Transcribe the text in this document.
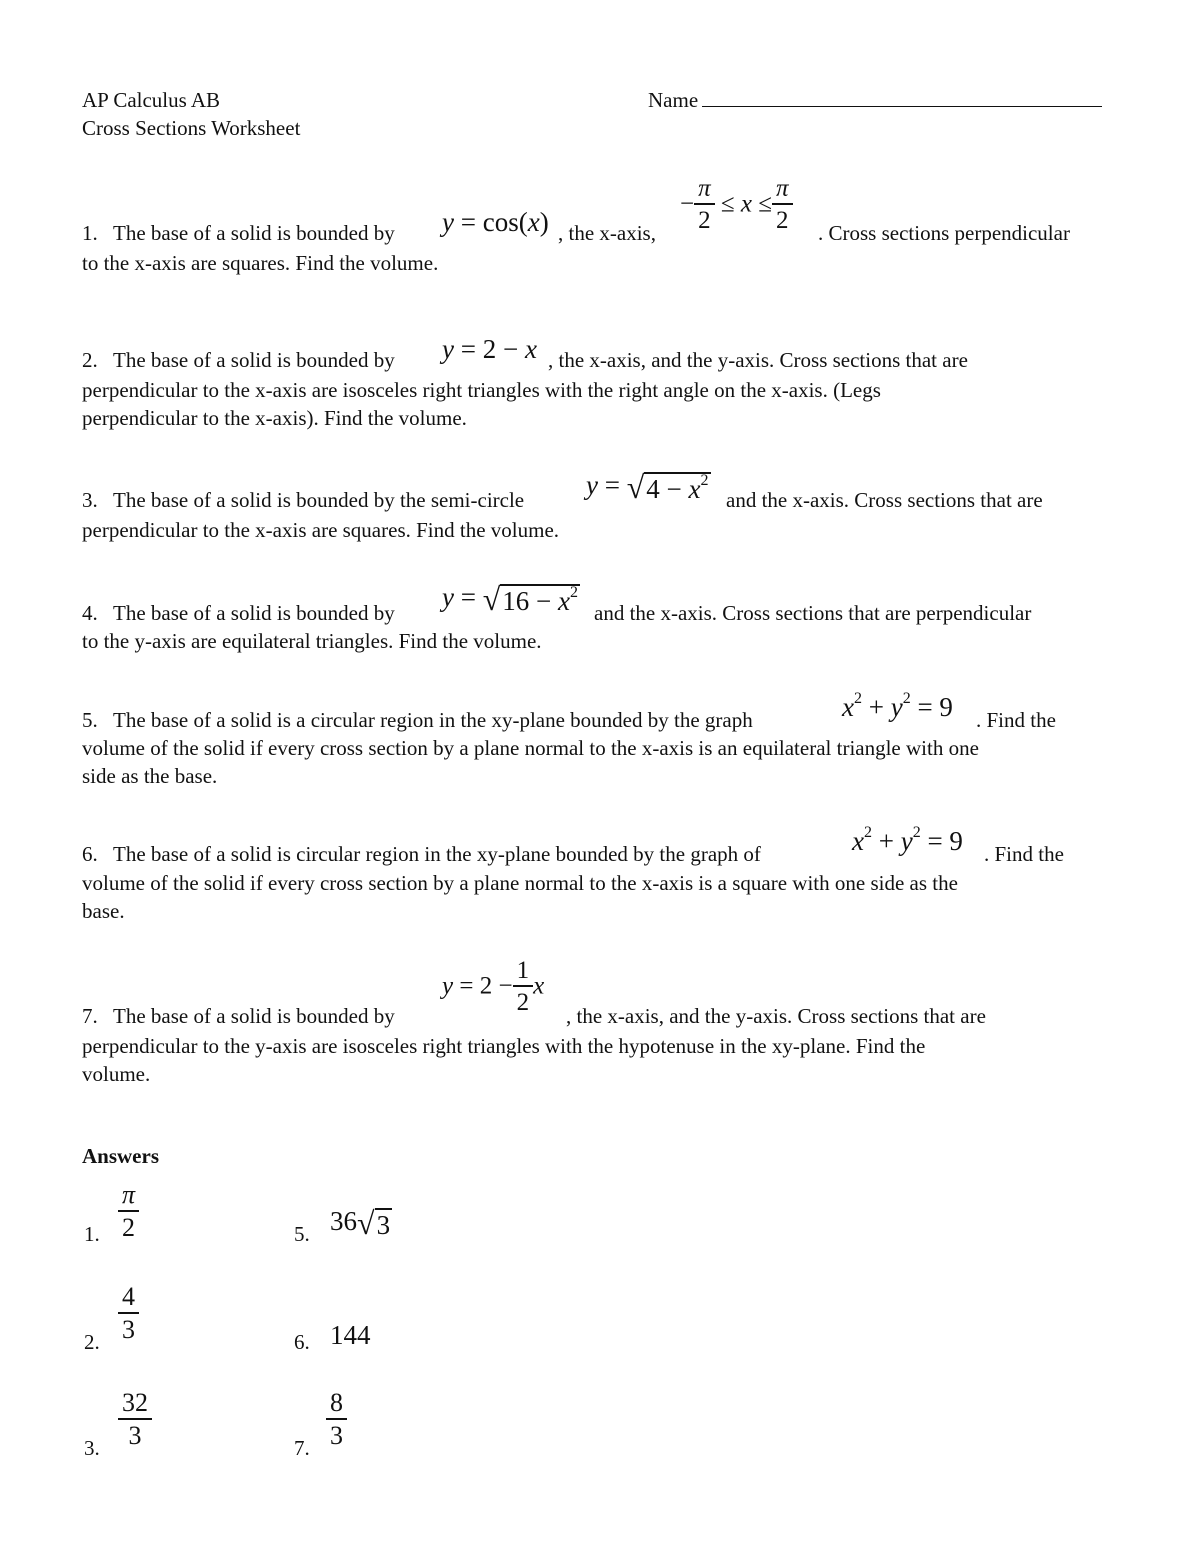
AP Calculus AB
Cross Sections Worksheet
Name
1. The base of a solid is bounded by y = cos(x) , the x-axis,
− $\frac{\pi}{2} \le x \le \frac{\pi}{2}$ . Cross sections perpendicular
to the x-axis are squares. Find the volume.
2. The base of a solid is bounded by y = 2 − x , the x-axis, and the y-axis. Cross sections that are
perpendicular to the x-axis are isosceles right triangles with the right angle on the x-axis. (Legs
perpendicular to the x-axis). Find the volume.
3. The base of a solid is bounded by the semi-circle y = √ $4 - x^2$
and the x-axis. Cross sections that are
perpendicular to the x-axis are squares. Find the volume.
4. The base of a solid is bounded by
y = √ $16 - x^2$
and the x-axis. Cross sections that are perpendicular
to the y-axis are equilateral triangles. Find the volume.
5. The base of a solid is a circular region in the xy-plane bounded by the graph	$x^2 + y^2 = 9$ . Find the
volume of the solid if every cross section by a plane normal to the x-axis is an equilateral triangle with one
side as the base.
6. The base of a solid is circular region in the xy-plane bounded by the graph of	$x^2 + y^2 = 9$ . Find the
volume of the solid if every cross section by a plane normal to the x-axis is a square with one side as the
base.
7. The base of a solid is bounded by
$y = 2 - \frac{1}{2}$ x
, the x-axis, and the y-axis. Cross sections that are
perpendicular to the y-axis are isosceles right triangles with the hypotenuse in the xy-plane. Find the
volume.
Answers
1. $\frac{\pi}{2}$
2. $\frac{4}{3}$
3. $\frac{32}{3}$
5. 36 √ 3
6. 144
7. $\frac{8}{3}$
